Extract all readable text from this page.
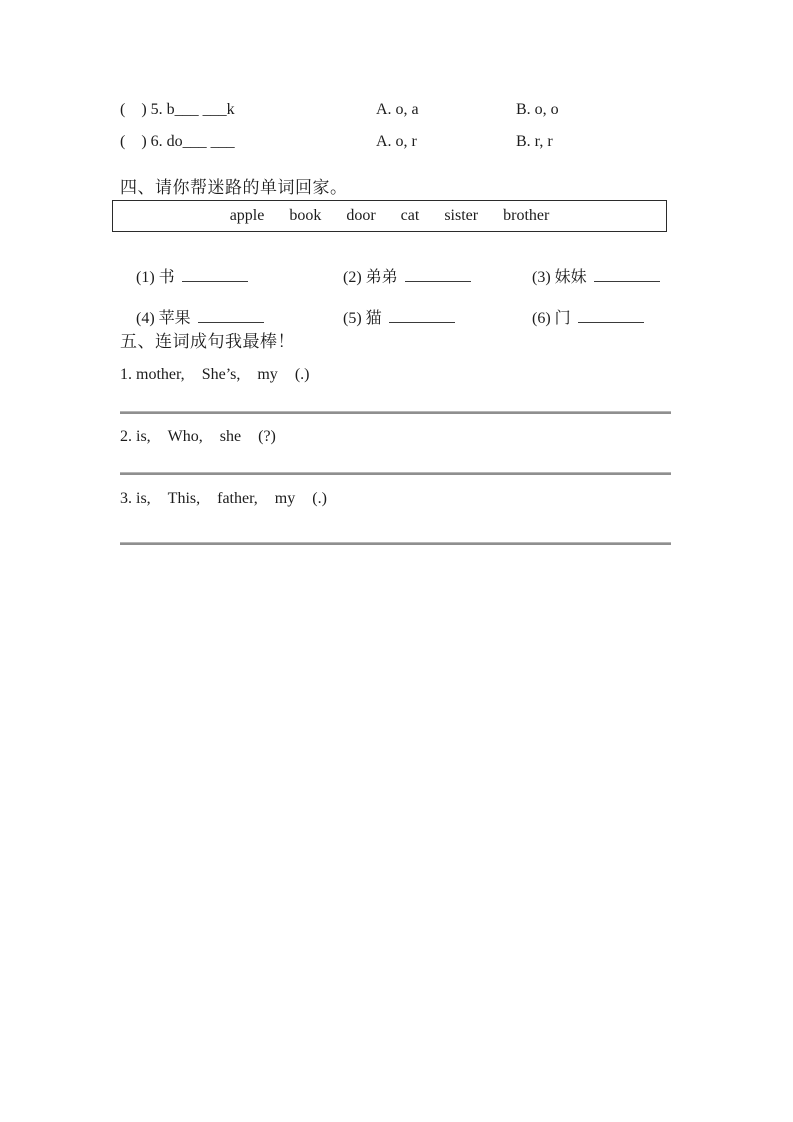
(    ) 5. b___ ___k	A. o, a	B. o, o
(    ) 6. do___ ___	A. o, r	B. r, r
四、请你帮迷路的单词回家。
apple book door cat sister brother

(1) 书
	(2) 弟弟
	(3) 妹妹

(4) 苹果
	(5) 猫
	(6) 门

五、连词成句我最棒！
1. mother, She’s, my (.)
2. is, Who, she (?)
3. is, This, father, my (.)
